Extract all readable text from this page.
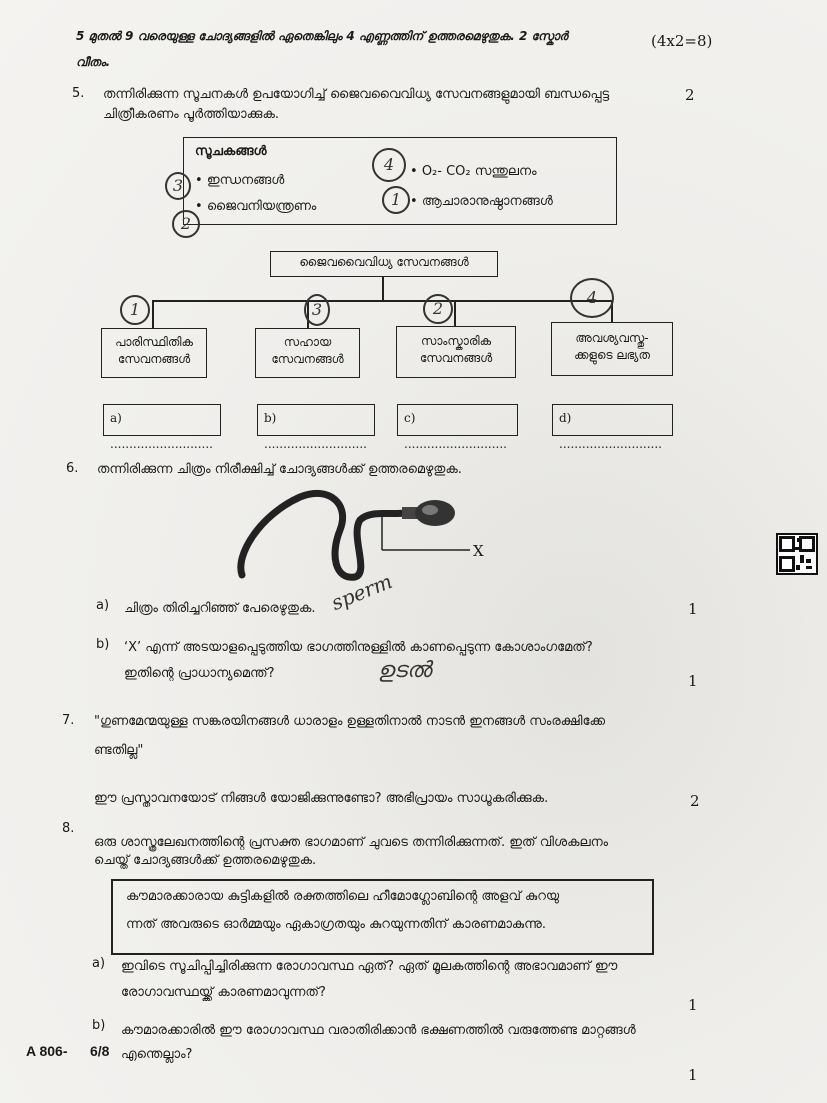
5 മുതൽ 9 വരെയുള്ള ചോദ്യങ്ങളിൽ ഏതെങ്കിലും 4 എണ്ണത്തിന് ഉത്തരമെഴുതുക. 2 സ്കോർ	(4x2=8)
വീതം.
5. തന്നിരിക്കുന്ന സൂചനകൾ ഉപയോഗിച്ച് ജൈവവൈവിധ്യ സേവനങ്ങളുമായി ബന്ധപ്പെട്ട
ചിത്രീകരണം പൂർത്തിയാക്കുക.
2
സൂചകങ്ങൾ
• ഇന്ധനങ്ങൾ
• ജൈവനിയന്ത്രണം
• O₂- CO₂ സന്തുലനം
• ആചാരാനുഷ്ഠാനങ്ങൾ
3
2
4
1
ജൈവവൈവിധ്യ സേവനങ്ങൾ
പാരിസ്ഥിതിക
സേവനങ്ങൾ
സഹായ
സേവനങ്ങൾ
സാംസ്കാരിക
സേവനങ്ങൾ
അവശ്യവസ്തു-
ക്കളുടെ ലഭ്യത
1	3	2
4
a) ...........................
b) ...........................
c) ...........................
d) ...........................
6. തന്നിരിക്കുന്ന ചിത്രം നിരീക്ഷിച്ച് ചോദ്യങ്ങൾക്ക് ഉത്തരമെഴുതുക.
X
a) ചിത്രം തിരിച്ചറിഞ്ഞ് പേരെഴുതുക. sperm	1
b) ‘X’ എന്ന് അടയാളപ്പെടുത്തിയ ഭാഗത്തിനുള്ളിൽ കാണപ്പെടുന്ന കോശാംഗമേത്?
ഇതിന്റെ പ്രാധാന്യമെന്ത്?	ഉടൽ	1
7. "ഗുണമേന്മയുള്ള സങ്കരയിനങ്ങൾ ധാരാളം ഉള്ളതിനാൽ നാടൻ ഇനങ്ങൾ സംരക്ഷിക്കേ
ണ്ടതില്ല"
ഈ പ്രസ്താവനയോട് നിങ്ങൾ യോജിക്കുന്നുണ്ടോ? അഭിപ്രായം സാധൂകരിക്കുക.	2
8.
ഒരു ശാസ്ത്രലേഖനത്തിന്റെ പ്രസക്ത ഭാഗമാണ് ചുവടെ തന്നിരിക്കുന്നത്. ഇത് വിശകലനം
ചെയ്ത് ചോദ്യങ്ങൾക്ക് ഉത്തരമെഴുതുക.
കൗമാരക്കാരായ കുട്ടികളിൽ രക്തത്തിലെ ഹീമോഗ്ലോബിന്റെ അളവ് കുറയു
ന്നത് അവരുടെ ഓർമ്മയും ഏകാഗ്രതയും കുറയുന്നതിന് കാരണമാകുന്നു.
a) ഇവിടെ സൂചിപ്പിച്ചിരിക്കുന്ന രോഗാവസ്ഥ ഏത്? ഏത് മൂലകത്തിന്റെ അഭാവമാണ് ഈ
രോഗാവസ്ഥയ്ക്ക് കാരണമാവുന്നത്?
1
b) കൗമാരക്കാരിൽ ഈ രോഗാവസ്ഥ വരാതിരിക്കാൻ ഭക്ഷണത്തിൽ വരുത്തേണ്ട മാറ്റങ്ങൾ
എന്തെല്ലാം?
1
A 806- 6/8
